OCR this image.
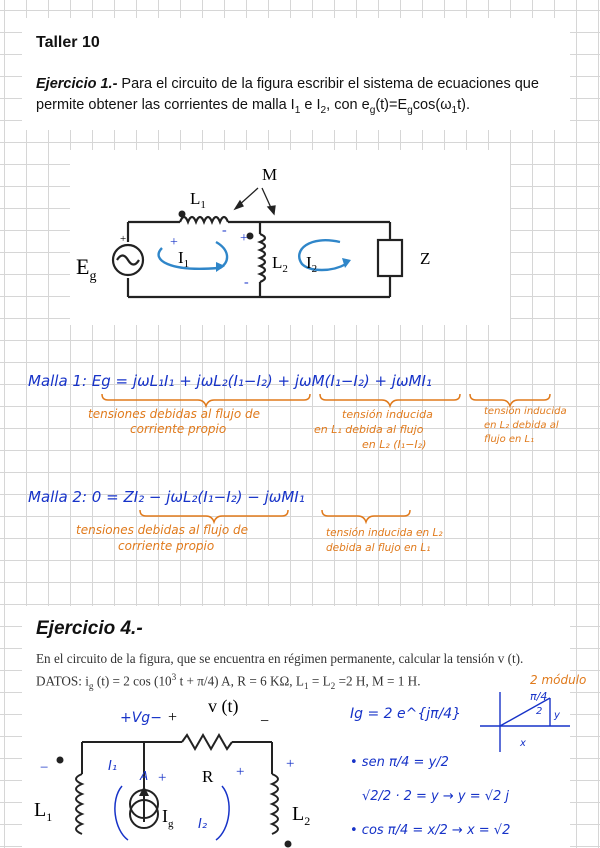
Taller 10
Ejercicio 1.- Para el circuito de la figura escribir el sistema de ecuaciones que permite obtener las corrientes de malla $I_1$ e $I_2$, con $e_g(t)=E_g\cos(\omega_1t)$.
M
$L_1$
$L_2$
$E_g$
$I_1$	$I_2$
Z
+	+
-
+
-
Malla 1: Eg = jωL₁I₁ + jωL₂(I₁−I₂) + jωM(I₁−I₂) + jωMI₁
tensiones debidas al flujo de
corriente propio
tensión inducida
en L₁ debida al flujo
en L₂ (I₁−I₂)
tensión inducida
en L₂ debida al
flujo en L₁
Malla 2: 0 = ZI₂ − jωL₂(I₁−I₂) − jωMI₁
tensiones debidas al flujo de
corriente propio
tensión inducida en L₂
debida al flujo en L₁
Ejercicio 4.-
En el circuito de la figura, que se encuentra en régimen permanente, calcular la tensión v (t).
DATOS: $i_g$ (t) = 2 $\cos (10^3$ t + π/4) A, R = 6 KΩ, $L_1 = L_2 =2$ H, M = 1 H.
v (t)
+	−
R
$L_1$	$L_2$
$I_g$
+Vg−
I₁
I₂
A
−
+	+	+
2 módulo
Ig = 2 e^{jπ/4}
π/4
2 y
x
• sen π/4 = y/2
√2/2 · 2 = y → y = √2 j
• cos π/4 = x/2 → x = √2
